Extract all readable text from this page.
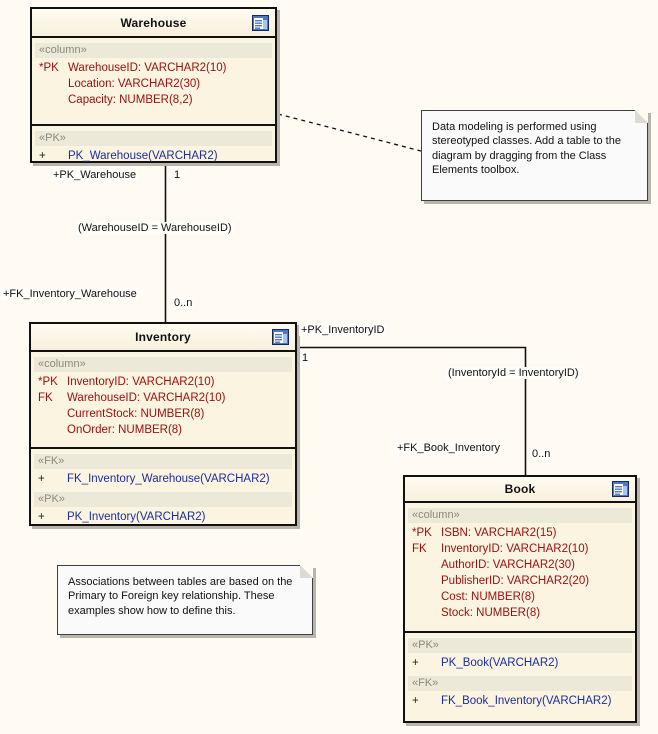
Warehouse
«column»
*PK WarehouseID: VARCHAR2(10)
Location: VARCHAR2(30)
Capacity: NUMBER(8,2)
«PK»
+	PK_Warehouse(VARCHAR2)
Inventory
«column»
*PK InventoryID: VARCHAR2(10)
FK	WarehouseID: VARCHAR2(10)
CurrentStock: NUMBER(8)
OnOrder: NUMBER(8)
«FK»
+	FK_Inventory_Warehouse(VARCHAR2)
«PK»
+	PK_Inventory(VARCHAR2)
Book
«column»
*PK ISBN: VARCHAR2(15)
FK	InventoryID: VARCHAR2(10)
AuthorID: VARCHAR2(30)
PublisherID: VARCHAR2(20)
Cost: NUMBER(8)
Stock: NUMBER(8)
«PK»
+	PK_Book(VARCHAR2)
«FK»
+	FK_Book_Inventory(VARCHAR2)
Data modeling is performed using stereotyped classes. Add a table to the diagram by dragging from the Class Elements toolbox.
Associations between tables are based on the Primary to Foreign key relationship. These examples show how to define this.
+PK_Warehouse	1
(WarehouseID = WarehouseID)
+FK_Inventory_Warehouse
0..n
+PK_InventoryID
1
(InventoryId = InventoryID)
+FK_Book_Inventory	0..n
